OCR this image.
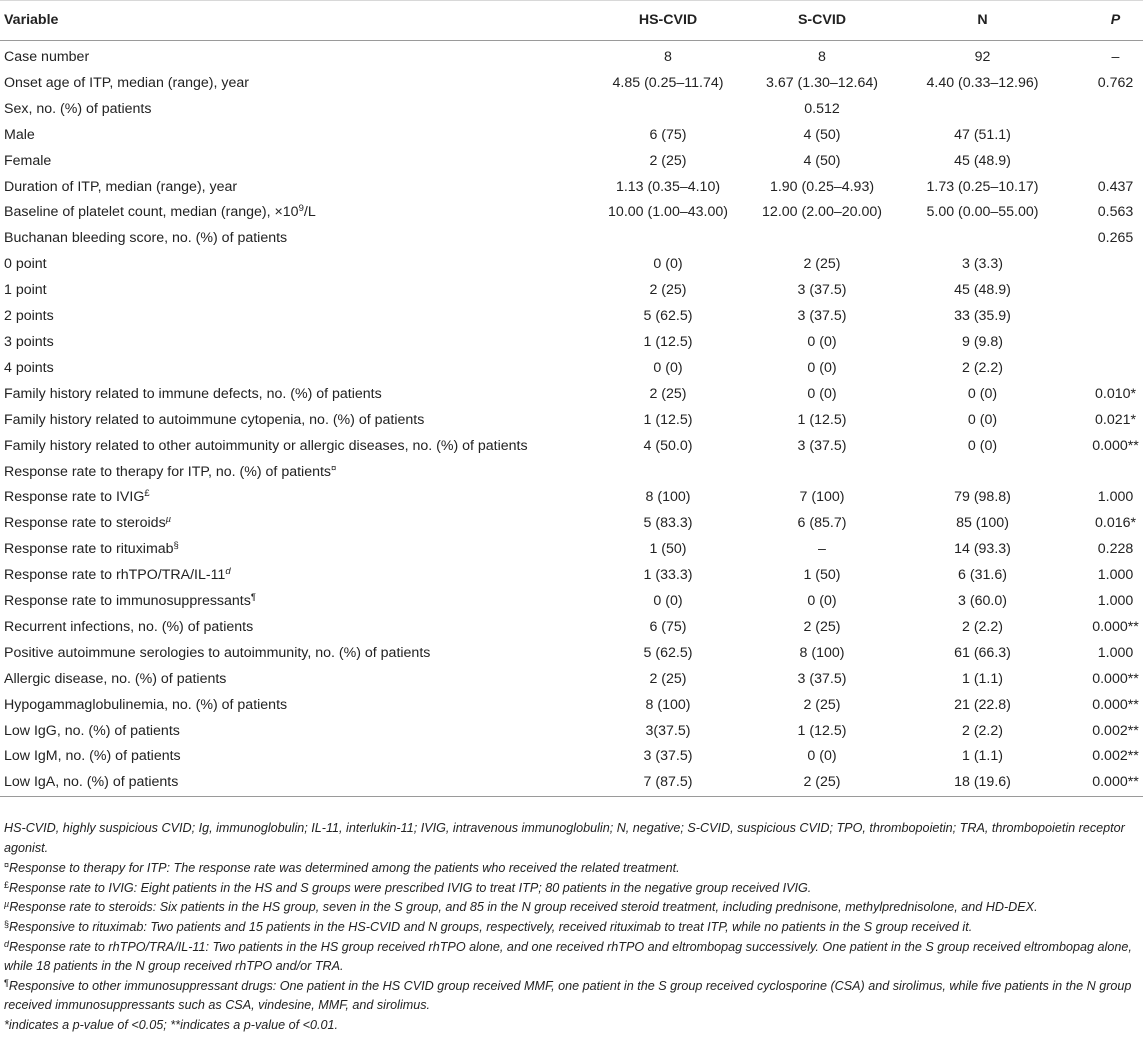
Variable	HS-CVID	S-CVID	N	P
Case number	8	8	92	–
Onset age of ITP, median (range), year	4.85 (0.25–11.74)	3.67 (1.30–12.64)	4.40 (0.33–12.96)	0.762
Sex, no. (%) of patients		0.512		
Male	6 (75)	4 (50)	47 (51.1)	
Female	2 (25)	4 (50)	45 (48.9)	
Duration of ITP, median (range), year	1.13 (0.35–4.10)	1.90 (0.25–4.93)	1.73 (0.25–10.17)	0.437
Baseline of platelet count, median (range), $\times 10^9/L$	10.00 (1.00–43.00)	12.00 (2.00–20.00)	5.00 (0.00–55.00)	0.563
Buchanan bleeding score, no. (%) of patients				0.265
0 point	0 (0)	2 (25)	3 (3.3)	
1 point	2 (25)	3 (37.5)	45 (48.9)	
2 points	5 (62.5)	3 (37.5)	33 (35.9)	
3 points	1 (12.5)	0 (0)	9 (9.8)	
4 points	0 (0)	0 (0)	2 (2.2)	
Family history related to immune defects, no. (%) of patients	2 (25)	0 (0)	0 (0)	0.010*
Family history related to autoimmune cytopenia, no. (%) of patients	1 (12.5)	1 (12.5)	0 (0)	0.021*
Family history related to other autoimmunity or allergic diseases, no. (%) of patients	4 (50.0)	3 (37.5)	0 (0)	0.000**
Response rate to therapy for ITP, no. (%) of patients¤				
Response rate to IVIG£	8 (100)	7 (100)	79 (98.8)	1.000
Response rate to steroids$^\mu$	5 (83.3)	6 (85.7)	85 (100)	0.016*
Response rate to rituximab§	1 (50)	–	14 (93.3)	0.228
Response rate to rhTPO/TRA/IL-11$^d$	1 (33.3)	1 (50)	6 (31.6)	1.000
Response rate to immunosuppressants¶	0 (0)	0 (0)	3 (60.0)	1.000
Recurrent infections, no. (%) of patients	6 (75)	2 (25)	2 (2.2)	0.000**
Positive autoimmune serologies to autoimmunity, no. (%) of patients	5 (62.5)	8 (100)	61 (66.3)	1.000
Allergic disease, no. (%) of patients	2 (25)	3 (37.5)	1 (1.1)	0.000**
Hypogammaglobulinemia, no. (%) of patients	8 (100)	2 (25)	21 (22.8)	0.000**
Low IgG, no. (%) of patients	3(37.5)	1 (12.5)	2 (2.2)	0.002**
Low IgM, no. (%) of patients	3 (37.5)	0 (0)	1 (1.1)	0.002**
Low IgA, no. (%) of patients	7 (87.5)	2 (25)	18 (19.6)	0.000**

HS-CVID, highly suspicious CVID; Ig, immunoglobulin; IL-11, interlukin-11; IVIG, intravenous immunoglobulin; N, negative; S-CVID, suspicious CVID; TPO, thrombopoietin; TRA, thrombopoietin receptor agonist.

¤Response to therapy for ITP: The response rate was determined among the patients who received the related treatment.

£Response rate to IVIG: Eight patients in the HS and S groups were prescribed IVIG to treat ITP; 80 patients in the negative group received IVIG.

$^\mu$Response rate to steroids: Six patients in the HS group, seven in the S group, and 85 in the N group received steroid treatment, including prednisone, methylprednisolone, and HD-DEX.

§Responsive to rituximab: Two patients and 15 patients in the HS-CVID and N groups, respectively, received rituximab to treat ITP, while no patients in the S group received it.

$^d$Response rate to rhTPO/TRA/IL-11: Two patients in the HS group received rhTPO alone, and one received rhTPO and eltrombopag successively. One patient in the S group received eltrombopag alone, while 18 patients in the N group received rhTPO and/or TRA.

¶Responsive to other immunosuppressant drugs: One patient in the HS CVID group received MMF, one patient in the S group received cyclosporine (CSA) and sirolimus, while five patients in the N group received immunosuppressants such as CSA, vindesine, MMF, and sirolimus.

*indicates a p-value of <0.05; **indicates a p-value of <0.01.
